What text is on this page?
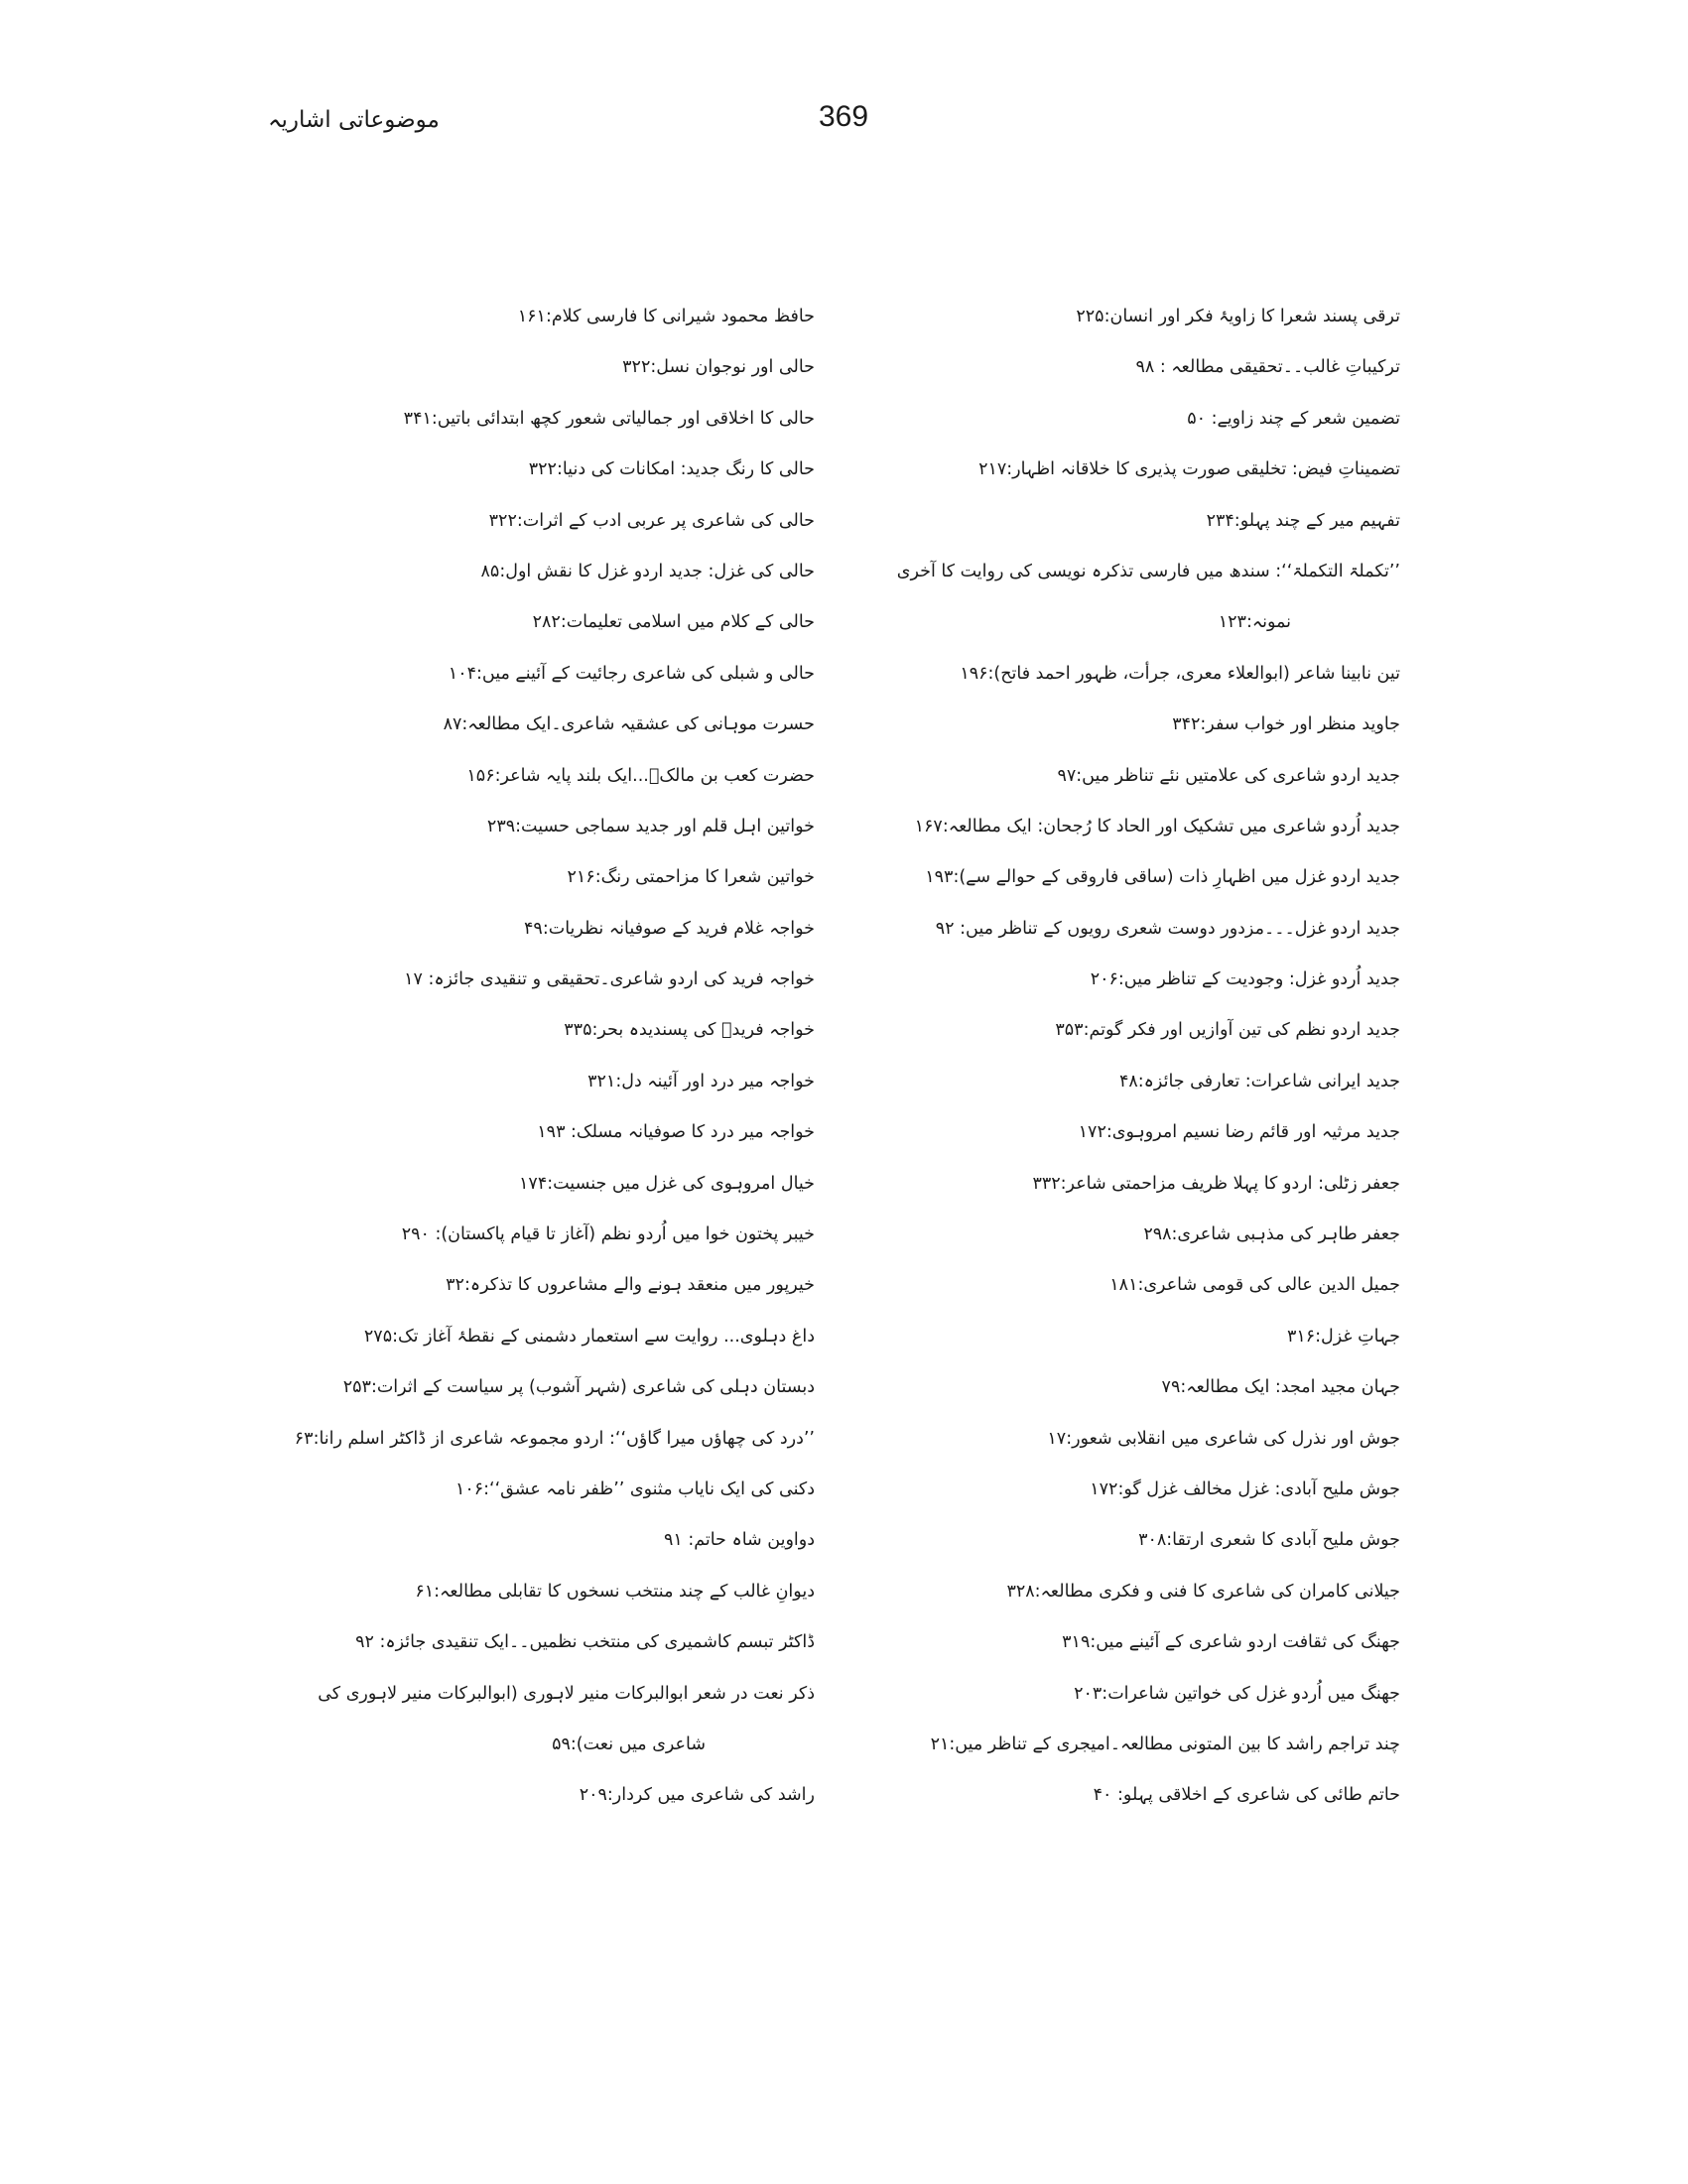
369
موضوعاتی اشاریہ
ترقی پسند شعرا کا زاویۂ فکر اور انسان:۲۲۵
ترکیباتِ غالب۔۔تحقیقی مطالعہ : ۹۸
تضمین شعر کے چند زاویے: ۵۰
تضمیناتِ فیض: تخلیقی صورت پذیری کا خلاقانہ اظہار:۲۱۷
تفہیم میر کے چند پہلو:۲۳۴
’’تکملۃ التکملۃ‘‘: سندھ میں فارسی تذکرہ نویسی کی روایت کا آخری
نمونہ:۱۲۳
تین نابینا شاعر (ابوالعلاء معری، جرأت، ظہور احمد فاتح):۱۹۶
جاوید منظر اور خواب سفر:۳۴۲
جدید اردو شاعری کی علامتیں نئے تناظر میں:۹۷
جدید اُردو شاعری میں تشکیک اور الحاد کا رُجحان: ایک مطالعہ:۱۶۷
جدید اردو غزل میں اظہارِ ذات (ساقی فاروقی کے حوالے سے):۱۹۳
جدید اردو غزل۔۔۔مزدور دوست شعری رویوں کے تناظر میں: ۹۲
جدید اُردو غزل: وجودیت کے تناظر میں:۲۰۶
جدید اردو نظم کی تین آوازیں اور فکر گوتم:۳۵۳
جدید ایرانی شاعرات: تعارفی جائزہ:۴۸
جدید مرثیہ اور قائم رضا نسیم امروہوی:۱۷۲
جعفر زٹلی: اردو کا پہلا ظریف مزاحمتی شاعر:۳۳۲
جعفر طاہر کی مذہبی شاعری:۲۹۸
جمیل الدین عالی کی قومی شاعری:۱۸۱
جہاتِ غزل:۳۱۶
جہان مجید امجد: ایک مطالعہ:۷۹
جوش اور نذرل کی شاعری میں انقلابی شعور:۱۷
جوش ملیح آبادی: غزل مخالف غزل گو:۱۷۲
جوش ملیح آبادی کا شعری ارتقا:۳۰۸
جیلانی کامران کی شاعری کا فنی و فکری مطالعہ:۳۲۸
جھنگ کی ثقافت اردو شاعری کے آئینے میں:۳۱۹
جھنگ میں اُردو غزل کی خواتین شاعرات:۲۰۳
چند تراجم راشد کا بین المتونی مطالعہ۔امیجری کے تناظر میں:۲۱
حاتم طائی کی شاعری کے اخلاقی پہلو: ۴۰
حافظ محمود شیرانی کا فارسی کلام:۱۶۱
حالی اور نوجوان نسل:۳۲۲
حالی کا اخلاقی اور جمالیاتی شعور کچھ ابتدائی باتیں:۳۴۱
حالی کا رنگ جدید: امکانات کی دنیا:۳۲۲
حالی کی شاعری پر عربی ادب کے اثرات:۳۲۲
حالی کی غزل: جدید اردو غزل کا نقش اول:۸۵
حالی کے کلام میں اسلامی تعلیمات:۲۸۲
حالی و شبلی کی شاعری رجائیت کے آئینے میں:۱۰۴
حسرت موہانی کی عشقیہ شاعری۔ایک مطالعہ:۸۷
حضرت کعب بن مالکؓ...ایک بلند پایہ شاعر:۱۵۶
خواتین اہل قلم اور جدید سماجی حسیت:۲۳۹
خواتین شعرا کا مزاحمتی رنگ:۲۱۶
خواجہ غلام فرید کے صوفیانہ نظریات:۴۹
خواجہ فرید کی اردو شاعری۔تحقیقی و تنقیدی جائزہ: ۱۷
خواجہ فریدؒ کی پسندیدہ بحر:۳۳۵
خواجہ میر درد اور آئینہ دل:۳۲۱
خواجہ میر درد کا صوفیانہ مسلک: ۱۹۳
خیال امروہوی کی غزل میں جنسیت:۱۷۴
خیبر پختون خوا میں اُردو نظم (آغاز تا قیام پاکستان): ۲۹۰
خیرپور میں منعقد ہونے والے مشاعروں کا تذکرہ:۳۲
داغ دہلوی... روایت سے استعمار دشمنی کے نقطۂ آغاز تک:۲۷۵
دبستان دہلی کی شاعری (شہر آشوب) پر سیاست کے اثرات:۲۵۳
’’درد کی چھاؤں میرا گاؤں‘‘: اردو مجموعہ شاعری از ڈاکٹر اسلم رانا:۶۳
دکنی کی ایک نایاب مثنوی ’’ظفر نامہ عشق‘‘:۱۰۶
دواوین شاہ حاتم: ۹۱
دیوانِ غالب کے چند منتخب نسخوں کا تقابلی مطالعہ:۶۱
ڈاکٹر تبسم کاشمیری کی منتخب نظمیں۔۔ایک تنقیدی جائزہ: ۹۲
ذکر نعت در شعر ابوالبرکات منیر لاہوری (ابوالبرکات منیر لاہوری کی
شاعری میں نعت):۵۹
راشد کی شاعری میں کردار:۲۰۹
